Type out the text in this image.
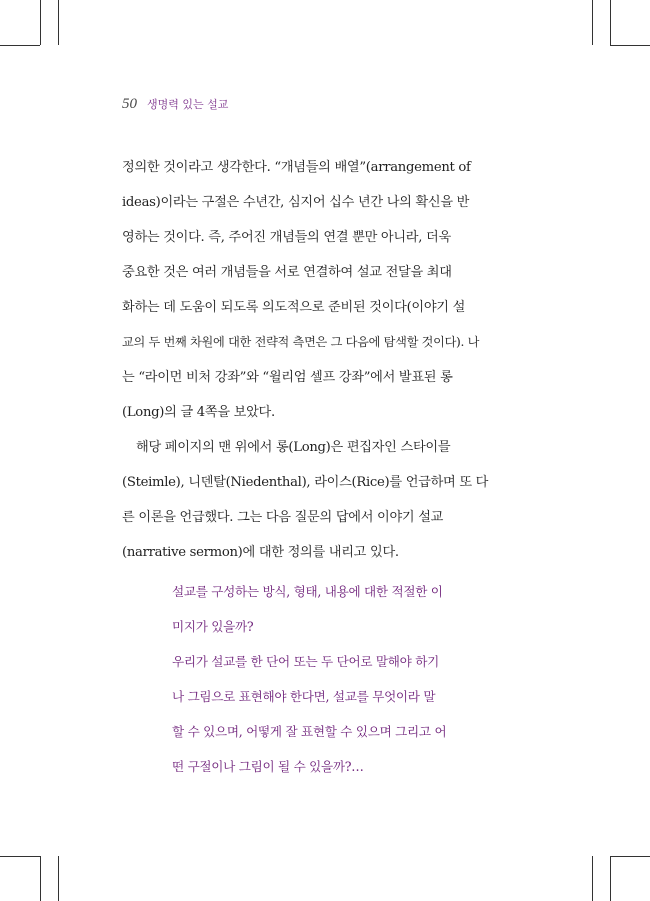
50 생명력 있는 설교
정의한 것이라고 생각한다. “개념들의 배열”(arrangement of
ideas)이라는 구절은 수년간, 심지어 십수 년간 나의 확신을 반
영하는 것이다. 즉, 주어진 개념들의 연결 뿐만 아니라, 더욱
중요한 것은 여러 개념들을 서로 연결하여 설교 전달을 최대
화하는 데 도움이 되도록 의도적으로 준비된 것이다(이야기 설
교의 두 번째 차원에 대한 전략적 측면은 그 다음에 탐색할 것이다). 나
는 “라이먼 비처 강좌”와 “윌리엄 셀프 강좌”에서 발표된 롱
(Long)의 글 4쪽을 보았다.
해당 페이지의 맨 위에서 롱(Long)은 편집자인 스타이믈
(Steimle), 니덴탈(Niedenthal), 라이스(Rice)를 언급하며 또 다
른 이론을 언급했다. 그는 다음 질문의 답에서 이야기 설교
(narrative sermon)에 대한 정의를 내리고 있다.
설교를 구성하는 방식, 형태, 내용에 대한 적절한 이
미지가 있을까?
우리가 설교를 한 단어 또는 두 단어로 말해야 하기
나 그림으로 표현해야 한다면, 설교를 무엇이라 말
할 수 있으며, 어떻게 잘 표현할 수 있으며 그리고 어
떤 구절이나 그림이 될 수 있을까?…
